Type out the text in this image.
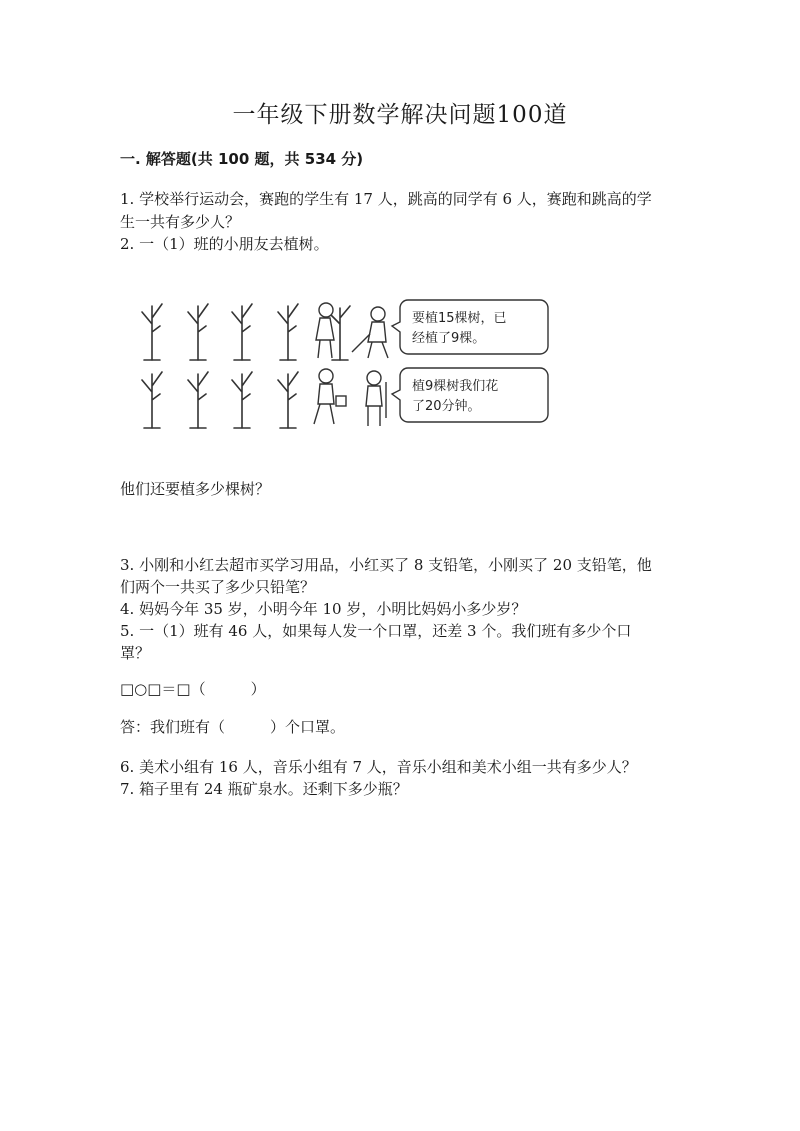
一年级下册数学解决问题100道
一. 解答题(共 100 题，共 534 分)
1. 学校举行运动会，赛跑的学生有 17 人，跳高的同学有 6 人，赛跑和跳高的学
生一共有多少人？
2. 一（1）班的小朋友去植树。
要植15棵树，已
经植了9棵。
植9棵树我们花
了20分钟。
他们还要植多少棵树？
3. 小刚和小红去超市买学习用品，小红买了 8 支铅笔，小刚买了 20 支铅笔，他
们两个一共买了多少只铅笔？
4. 妈妈今年 35 岁，小明今年 10 岁，小明比妈妈小多少岁？
5. 一（1）班有 46 人，如果每人发一个口罩，还差 3 个。我们班有多少个口
罩？
□○□＝□（　　　）
答：我们班有（　　　）个口罩。
6. 美术小组有 16 人，音乐小组有 7 人，音乐小组和美术小组一共有多少人？
7. 箱子里有 24 瓶矿泉水。还剩下多少瓶？
